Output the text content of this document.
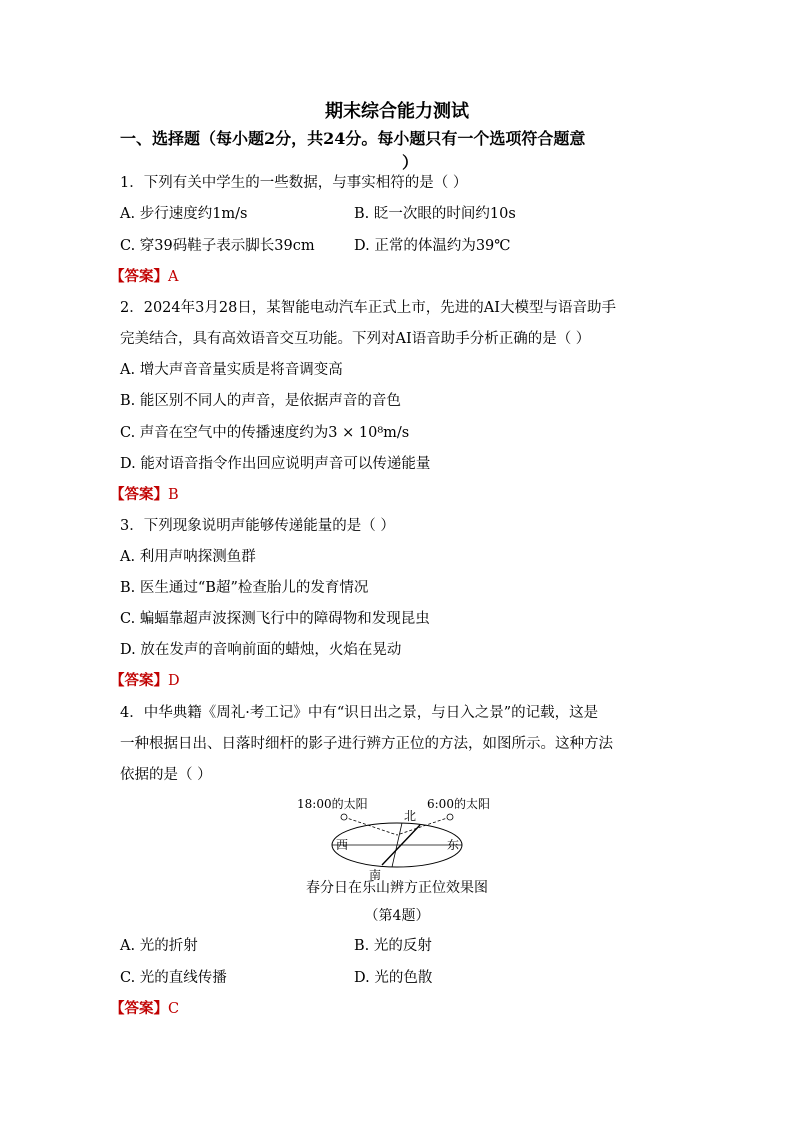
期末综合能力测试
一、选择题（每小题2分，共24分。每小题只有一个选项符合题意
）
1．下列有关中学生的一些数据，与事实相符的是（ ）
A. 步行速度约1m/s	B. 眨一次眼的时间约10s
C. 穿39码鞋子表示脚长39cm	D. 正常的体温约为39℃
【答案】A
2．2024年3月28日，某智能电动汽车正式上市，先进的AI大模型与语音助手
完美结合，具有高效语音交互功能。下列对AI语音助手分析正确的是（ ）
A. 增大声音音量实质是将音调变高
B. 能区别不同人的声音，是依据声音的音色
C. 声音在空气中的传播速度约为3 × 10⁸m/s
D. 能对语音指令作出回应说明声音可以传递能量
【答案】B
3．下列现象说明声能够传递能量的是（ ）
A. 利用声呐探测鱼群
B. 医生通过“B超”检查胎儿的发育情况
C. 蝙蝠靠超声波探测飞行中的障碍物和发现昆虫
D. 放在发声的音响前面的蜡烛，火焰在晃动
【答案】D
4．中华典籍《周礼·考工记》中有“识日出之景，与日入之景”的记载，这是
一种根据日出、日落时细杆的影子进行辨方正位的方法，如图所示。这种方法
依据的是（ ）
18:00的太阳	6:00的太阳
北
南
西	东
春分日在乐山辨方正位效果图
（第4题）
A. 光的折射	B. 光的反射
C. 光的直线传播	D. 光的色散
【答案】C
